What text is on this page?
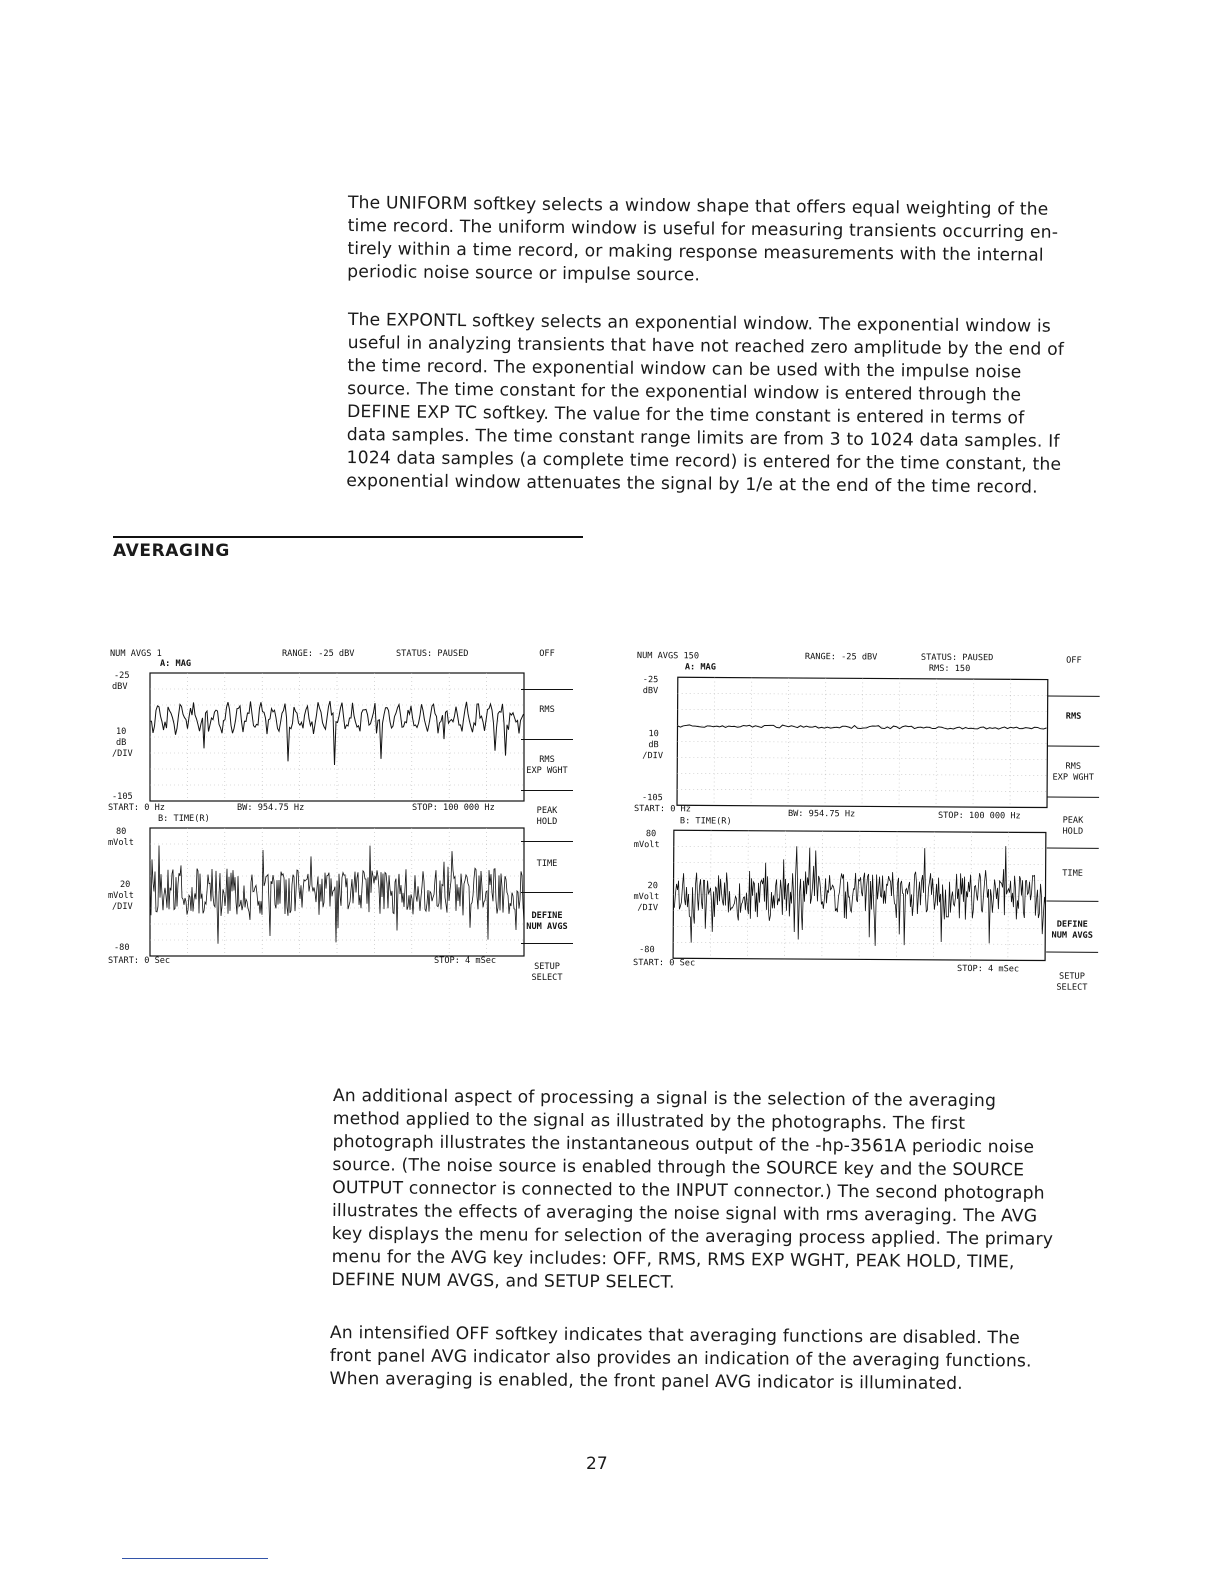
The UNIFORM softkey selects a window shape that offers equal weighting of the
time record. The uniform window is useful for measuring transients occurring en-
tirely within a time record, or making response measurements with the internal
periodic noise source or impulse source.
The EXPONTL softkey selects an exponential window. The exponential window is
useful in analyzing transients that have not reached zero amplitude by the end of
the time record. The exponential window can be used with the impulse noise
source. The time constant for the exponential window is entered through the
DEFINE EXP TC softkey. The value for the time constant is entered in terms of
data samples. The time constant range limits are from 3 to 1024 data samples. If
1024 data samples (a complete time record) is entered for the time constant, the
exponential window attenuates the signal by 1/e at the end of the time record.
AVERAGING
NUM AVGS 1	RANGE: -25 dBV	STATUS: PAUSED
A: MAG
-25
dBV
10
dB
/DIV
-105
START: 0 Hz	BW: 954.75 Hz	STOP: 100 000 Hz
B: TIME(R)
80
mVolt
20
mVolt
/DIV
-80
START: 0 Sec	STOP: 4 mSec
OFF
RMS
RMS
EXP WGHT
PEAK
HOLD
TIME
DEFINE
NUM AVGS
SETUP
SELECT
NUM AVGS 150	RANGE: -25 dBV	STATUS: PAUSED
RMS: 150
A: MAG
-25
dBV
10
dB
/DIV
-105
START: 0 Hz	BW: 954.75 Hz	STOP: 100 000 Hz
B: TIME(R)
80
mVolt
20
mVolt
/DIV
-80
START: 0 Sec
STOP: 4 mSec
OFF
RMS
RMS
EXP WGHT
PEAK
HOLD
TIME
DEFINE
NUM AVGS
SETUP
SELECT
An additional aspect of processing a signal is the selection of the averaging
method applied to the signal as illustrated by the photographs. The first
photograph illustrates the instantaneous output of the -hp-3561A periodic noise
source. (The noise source is enabled through the SOURCE key and the SOURCE
OUTPUT connector is connected to the INPUT connector.) The second photograph
illustrates the effects of averaging the noise signal with rms averaging. The AVG
key displays the menu for selection of the averaging process applied. The primary
menu for the AVG key includes: OFF, RMS, RMS EXP WGHT, PEAK HOLD, TIME,
DEFINE NUM AVGS, and SETUP SELECT.
An intensified OFF softkey indicates that averaging functions are disabled. The
front panel AVG indicator also provides an indication of the averaging functions.
When averaging is enabled, the front panel AVG indicator is illuminated.

27
